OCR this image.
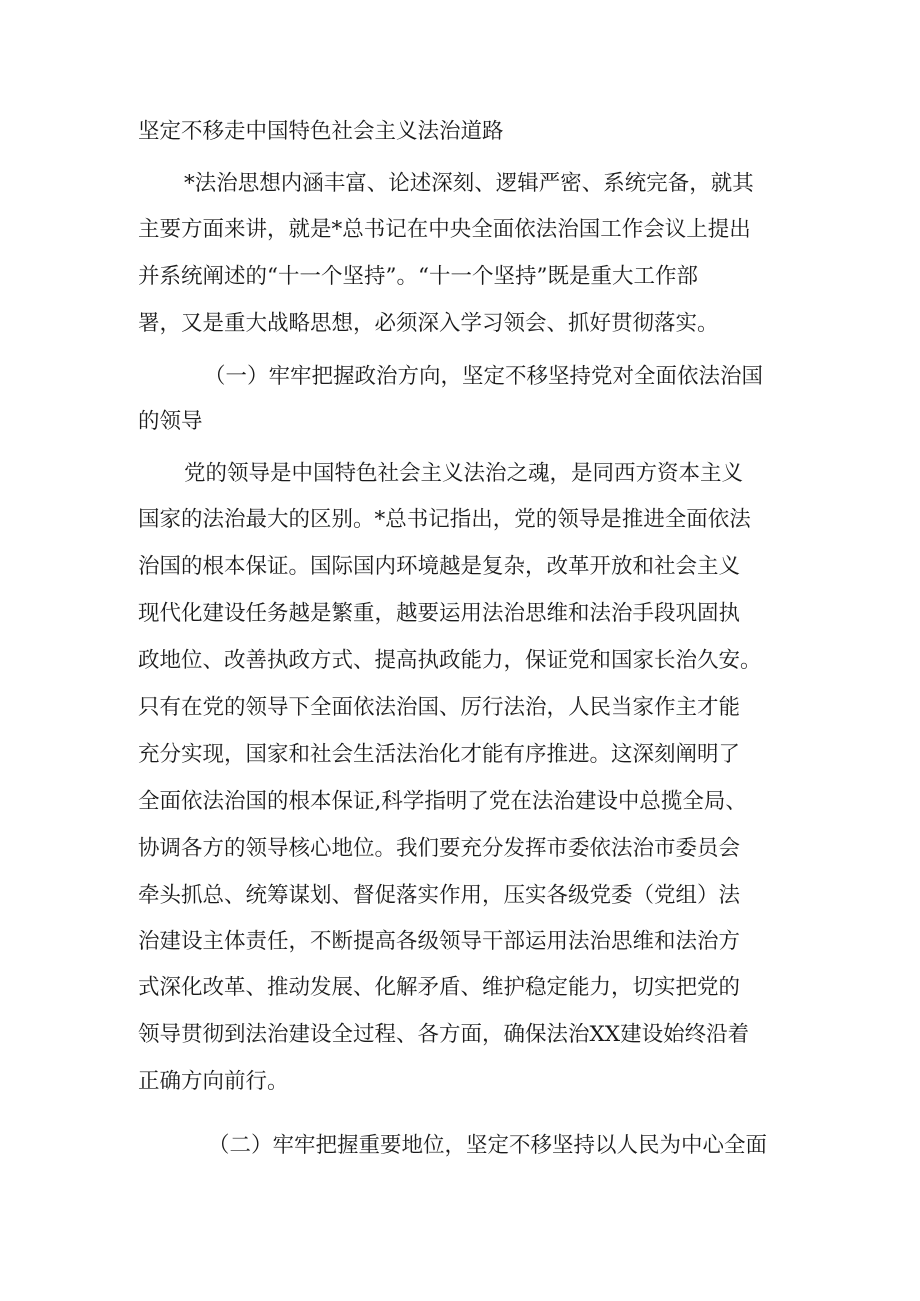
坚定不移走中国特色社会主义法治道路
*法治思想内涵丰富、论述深刻、逻辑严密、系统完备，就其
主要方面来讲，就是*总书记在中央全面依法治国工作会议上提出
并系统阐述的“十一个坚持”。“十一个坚持”既是重大工作部
署，又是重大战略思想，必须深入学习领会、抓好贯彻落实。
（一）牢牢把握政治方向，坚定不移坚持党对全面依法治国
的领导
党的领导是中国特色社会主义法治之魂，是同西方资本主义
国家的法治最大的区别。*总书记指出，党的领导是推进全面依法
治国的根本保证。国际国内环境越是复杂，改革开放和社会主义
现代化建设任务越是繁重，越要运用法治思维和法治手段巩固执
政地位、改善执政方式、提高执政能力，保证党和国家长治久安。
只有在党的领导下全面依法治国、厉行法治，人民当家作主才能
充分实现，国家和社会生活法治化才能有序推进。这深刻阐明了
全面依法治国的根本保证,科学指明了党在法治建设中总揽全局、
协调各方的领导核心地位。我们要充分发挥市委依法治市委员会
牵头抓总、统筹谋划、督促落实作用，压实各级党委（党组）法
治建设主体责任，不断提高各级领导干部运用法治思维和法治方
式深化改革、推动发展、化解矛盾、维护稳定能力，切实把党的
领导贯彻到法治建设全过程、各方面，确保法治XX建设始终沿着
正确方向前行。
（二）牢牢把握重要地位，坚定不移坚持以人民为中心全面
